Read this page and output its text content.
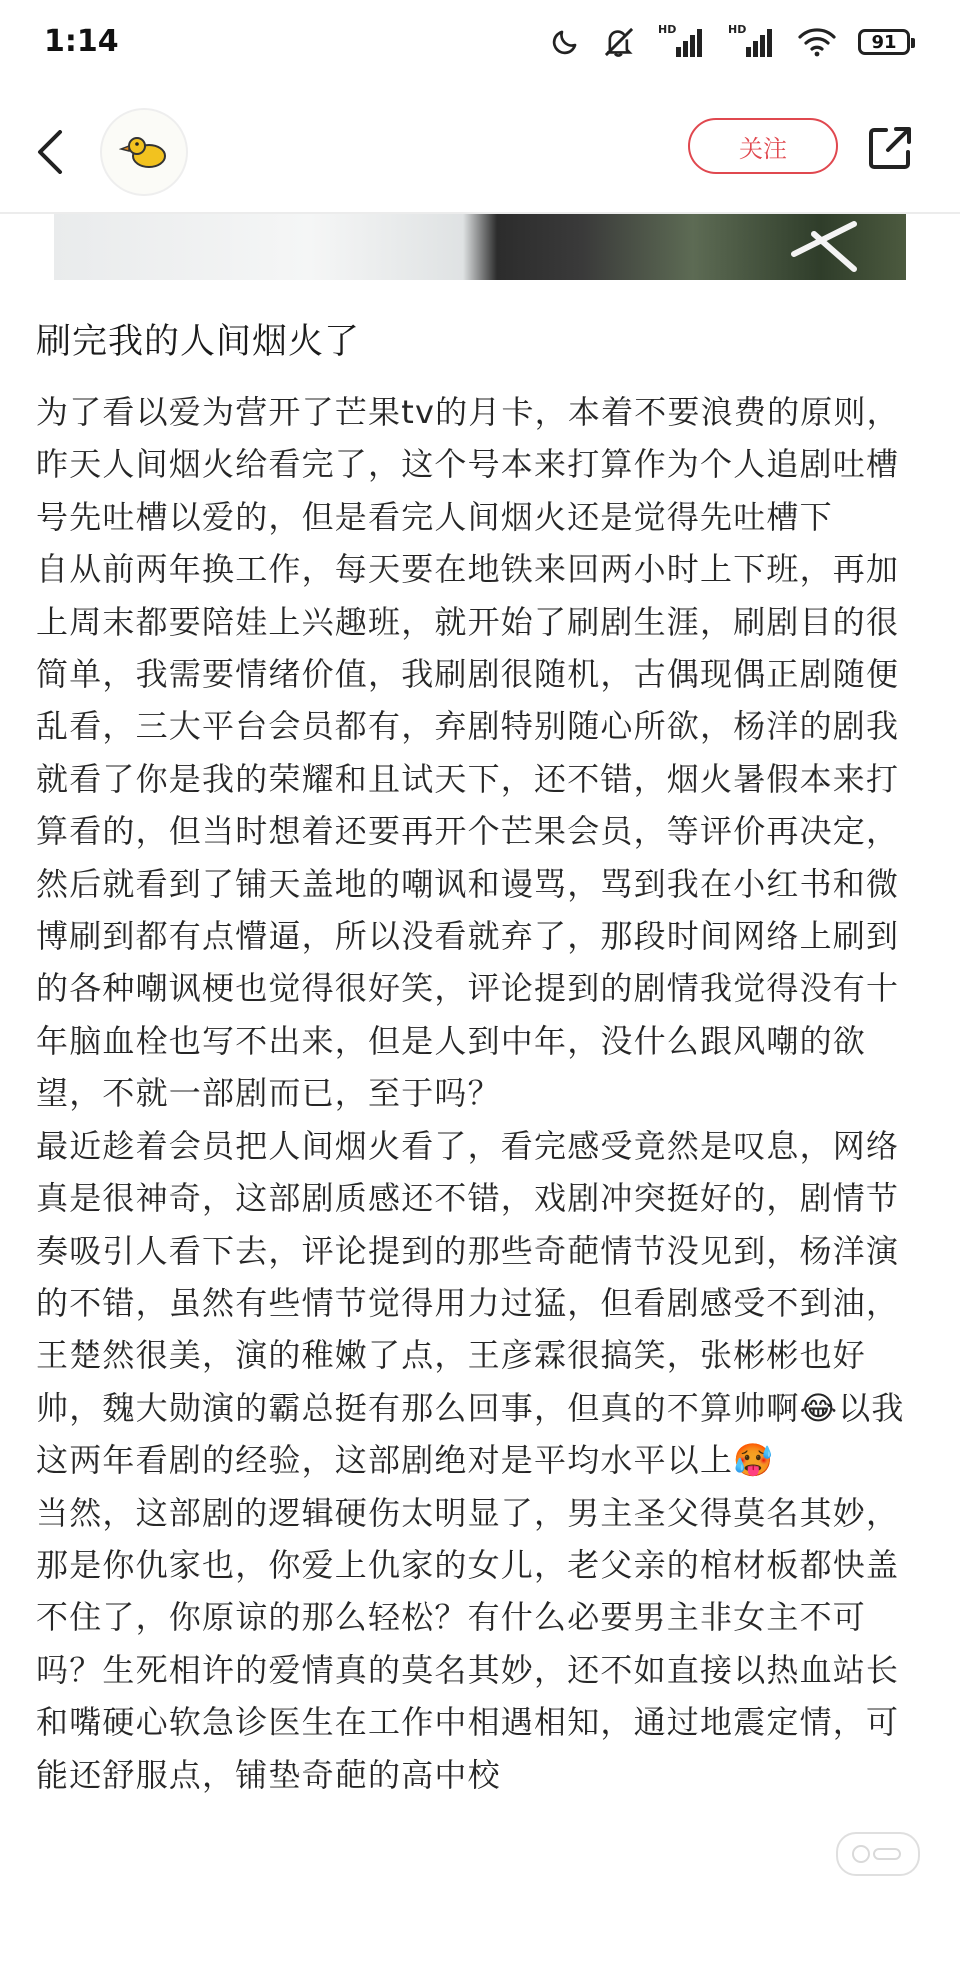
1:14	HD	HD
91
关注
刷完我的人间烟火了

为了看以爱为营开了芒果tv的月卡，本着不要浪费的原则，昨天人间烟火给看完了，这个号本来打算作为个人追剧吐槽号先吐槽以爱的，但是看完人间烟火还是觉得先吐槽下

自从前两年换工作，每天要在地铁来回两小时上下班，再加上周末都要陪娃上兴趣班，就开始了刷剧生涯，刷剧目的很简单，我需要情绪价值，我刷剧很随机，古偶现偶正剧随便乱看，三大平台会员都有，弃剧特别随心所欲，杨洋的剧我就看了你是我的荣耀和且试天下，还不错，烟火暑假本来打算看的，但当时想着还要再开个芒果会员，等评价再决定，然后就看到了铺天盖地的嘲讽和谩骂，骂到我在小红书和微博刷到都有点懵逼，所以没看就弃了，那段时间网络上刷到的各种嘲讽梗也觉得很好笑，评论提到的剧情我觉得没有十年脑血栓也写不出来，但是人到中年，没什么跟风嘲的欲望，不就一部剧而已，至于吗？

最近趁着会员把人间烟火看了，看完感受竟然是叹息，网络真是很神奇，这部剧质感还不错，戏剧冲突挺好的，剧情节奏吸引人看下去，评论提到的那些奇葩情节没见到，杨洋演的不错，虽然有些情节觉得用力过猛，但看剧感受不到油，王楚然很美，演的稚嫩了点，王彦霖很搞笑，张彬彬也好帅，魏大勋演的霸总挺有那么回事，但真的不算帅啊😂以我这两年看剧的经验，这部剧绝对是平均水平以上🥵

当然，这部剧的逻辑硬伤太明显了，男主圣父得莫名其妙，那是你仇家也，你爱上仇家的女儿，老父亲的棺材板都快盖不住了，你原谅的那么轻松？有什么必要男主非女主不可吗？生死相许的爱情真的莫名其妙，还不如直接以热血站长和嘴硬心软急诊医生在工作中相遇相知，通过地震定情，可能还舒服点，铺垫奇葩的高中校
